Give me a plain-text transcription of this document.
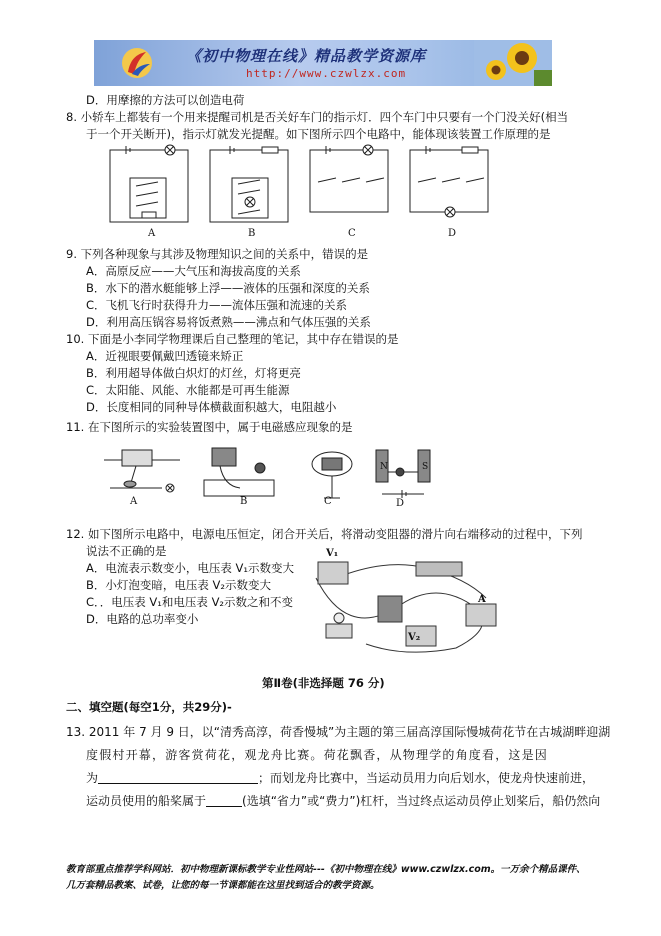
《初中物理在线》精品教学资源库
http://www.czwlzx.com
D．用摩擦的方法可以创造电荷
8. 小轿车上都装有一个用来提醒司机是否关好车门的指示灯．四个车门中只要有一个门没关好(相当
于一个开关断开)，指示灯就发光提醒。如下图所示四个电路中，能体现该装置工作原理的是
A	B	C	D
9. 下列各种现象与其涉及物理知识之间的关系中，错误的是
A．高原反应——大气压和海拔高度的关系
B．水下的潜水艇能够上浮——液体的压强和深度的关系
C．飞机飞行时获得升力——流体压强和流速的关系
D．利用高压锅容易将饭煮熟——沸点和气体压强的关系
10. 下面是小李同学物理课后自己整理的笔记，其中存在错误的是
A．近视眼要佩戴凹透镜来矫正
B．利用超导体做白炽灯的灯丝，灯将更亮
C．太阳能、风能、水能都是可再生能源
D．长度相同的同种导体横截面积越大，电阻越小
11. 在下图所示的实验装置图中，属于电磁感应现象的是
N	S
A	B	C	D
12. 如下图所示电路中，电源电压恒定，闭合开关后，将滑动变阻器的滑片向右端移动的过程中，下列
说法不正确的是
A．电流表示数变小，电压表 V₁示数变大
B．小灯泡变暗，电压表 V₂示数变大
C．．电压表 V₁和电压表 V₂示数之和不变
D．电路的总功率变小
V₁
A
V₂
第Ⅱ卷(非选择题 76 分)
二、填空题(每空1分，共29分)-
13. 2011 年 7 月 9 日，以“清秀高淳，荷香慢城”为主题的第三届高淳国际慢城荷花节在古城湖畔迎湖
度假村开幕，游客赏荷花，观龙舟比赛。荷花飘香，从物理学的角度看，这是因
为	；而划龙舟比赛中，当运动员用力向后划水，使龙舟快速前进，
运动员使用的船桨属于	(选填“省力”或“费力”)杠杆，当过终点运动员停止划桨后，船仍然向
教育部重点推荐学科网站．初中物理新课标教学专业性网站---《初中物理在线》www.czwlzx.com。一万余个精品课件、
几万套精品教案、试卷，让您的每一节课都能在这里找到适合的教学资源。
